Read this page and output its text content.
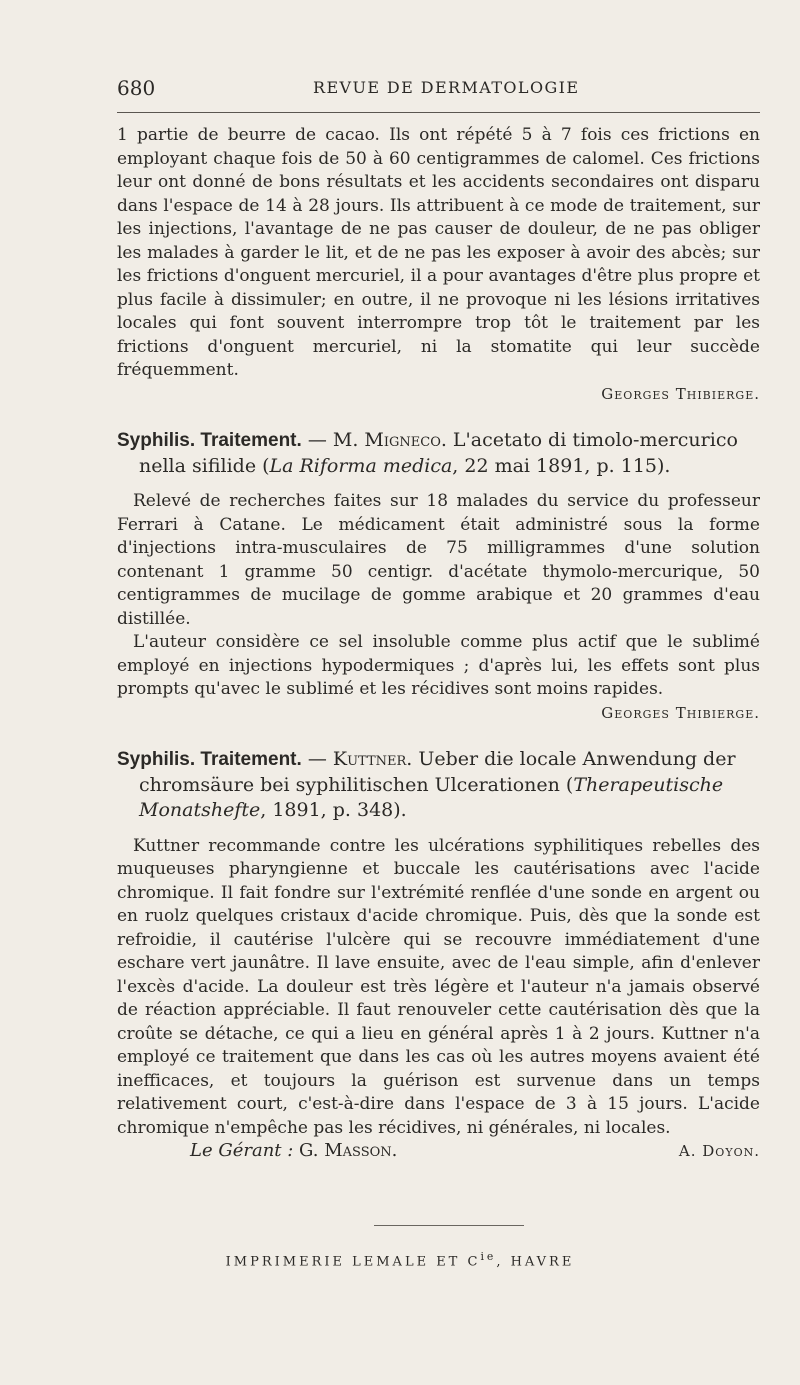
680	REVUE DE DERMATOLOGIE

1 partie de beurre de cacao. Ils ont répété 5 à 7 fois ces frictions en employant chaque fois de 50 à 60 centigrammes de calomel. Ces frictions leur ont donné de bons résultats et les accidents secondaires ont disparu dans l'espace de 14 à 28 jours. Ils attribuent à ce mode de traitement, sur les injections, l'avantage de ne pas causer de douleur, de ne pas obliger les malades à garder le lit, et de ne pas les exposer à avoir des abcès; sur les frictions d'onguent mercuriel, il a pour avantages d'être plus propre et plus facile à dissimuler; en outre, il ne provoque ni les lésions irritatives locales qui font souvent interrompre trop tôt le traitement par les frictions d'onguent mercuriel, ni la stomatite qui leur succède fréquemment.

Georges Thibierge.

Syphilis. Traitement. — M. Migneco. L'acetato di timolo-mercurico nella sifilide (La Riforma medica, 22 mai 1891, p. 115).

Relevé de recherches faites sur 18 malades du service du professeur Ferrari à Catane. Le médicament était administré sous la forme d'injections intra-musculaires de 75 milligrammes d'une solution contenant 1 gramme 50 centigr. d'acétate thymolo-mercurique, 50 centigrammes de mucilage de gomme arabique et 20 grammes d'eau distillée.

L'auteur considère ce sel insoluble comme plus actif que le sublimé employé en injections hypodermiques ; d'après lui, les effets sont plus prompts qu'avec le sublimé et les récidives sont moins rapides.

Georges Thibierge.

Syphilis. Traitement. — Kuttner. Ueber die locale Anwendung der chromsäure bei syphilitischen Ulcerationen (Therapeutische Monatshefte, 1891, p. 348).

Kuttner recommande contre les ulcérations syphilitiques rebelles des muqueuses pharyngienne et buccale les cautérisations avec l'acide chromique. Il fait fondre sur l'extrémité renflée d'une sonde en argent ou en ruolz quelques cristaux d'acide chromique. Puis, dès que la sonde est refroidie, il cautérise l'ulcère qui se recouvre immédiatement d'une eschare vert jaunâtre. Il lave ensuite, avec de l'eau simple, afin d'enlever l'excès d'acide. La douleur est très légère et l'auteur n'a jamais observé de réaction appréciable. Il faut renouveler cette cautérisation dès que la croûte se détache, ce qui a lieu en général après 1 à 2 jours. Kuttner n'a employé ce traitement que dans les cas où les autres moyens avaient été inefficaces, et toujours la guérison est survenue dans un temps relativement court, c'est-à-dire dans l'espace de 3 à 15 jours. L'acide chromique n'empêche pas les récidives, ni générales, ni locales.

A. Doyon.

Le Gérant : G. Masson.
IMPRIMERIE LEMALE ET $C^{ie}$, HAVRE
